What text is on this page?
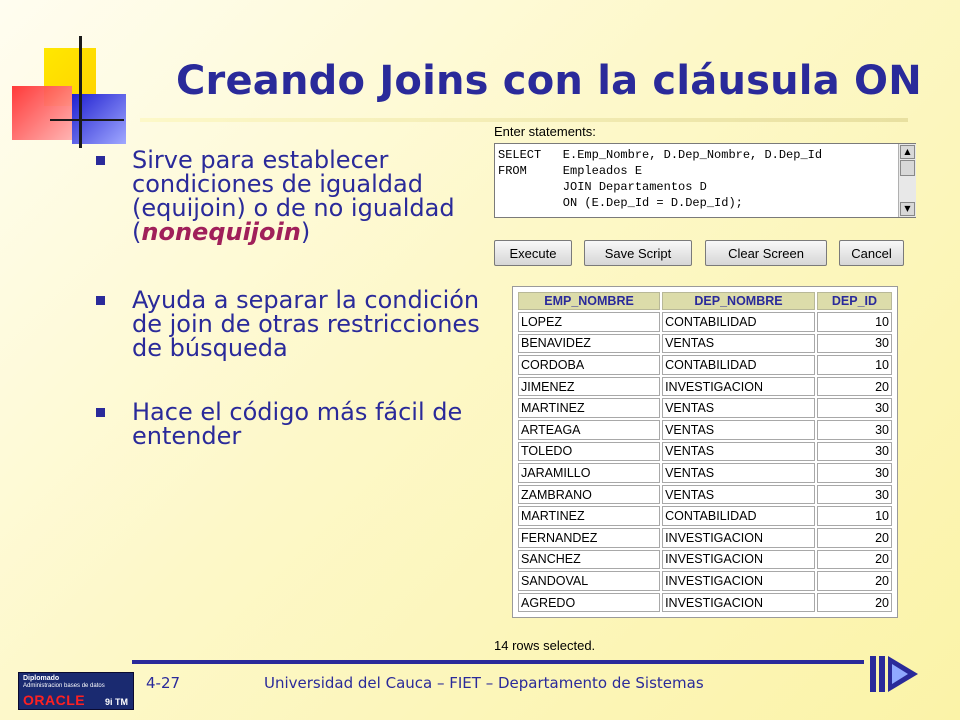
Creando Joins con la cláusula ON
Sirve para establecer condiciones de igualdad (equijoin) o de no igualdad (nonequijoin)
Ayuda a separar la condición de join de otras restricciones de búsqueda
Hace el código más fácil de entender
Enter statements:
SELECT   E.Emp_Nombre, D.Dep_Nombre, D.Dep_Id
FROM     Empleados E
JOIN Departamentos D
ON (E.Dep_Id = D.Dep_Id);
▲
▼
Execute	Save Script	Clear Screen	Cancel
EMP_NOMBRE	DEP_NOMBRE	DEP_ID
LOPEZ	CONTABILIDAD	10
BENAVIDEZ	VENTAS	30
CORDOBA	CONTABILIDAD	10
JIMENEZ	INVESTIGACION	20
MARTINEZ	VENTAS	30
ARTEAGA	VENTAS	30
TOLEDO	VENTAS	30
JARAMILLO	VENTAS	30
ZAMBRANO	VENTAS	30
MARTINEZ	CONTABILIDAD	10
FERNANDEZ	INVESTIGACION	20
SANCHEZ	INVESTIGACION	20
SANDOVAL	INVESTIGACION	20
AGREDO	INVESTIGACION	20
14 rows selected.
Diplomado
Administracion bases de datos
ORACLE 9i TM
4-27	Universidad del Cauca – FIET – Departamento de Sistemas
